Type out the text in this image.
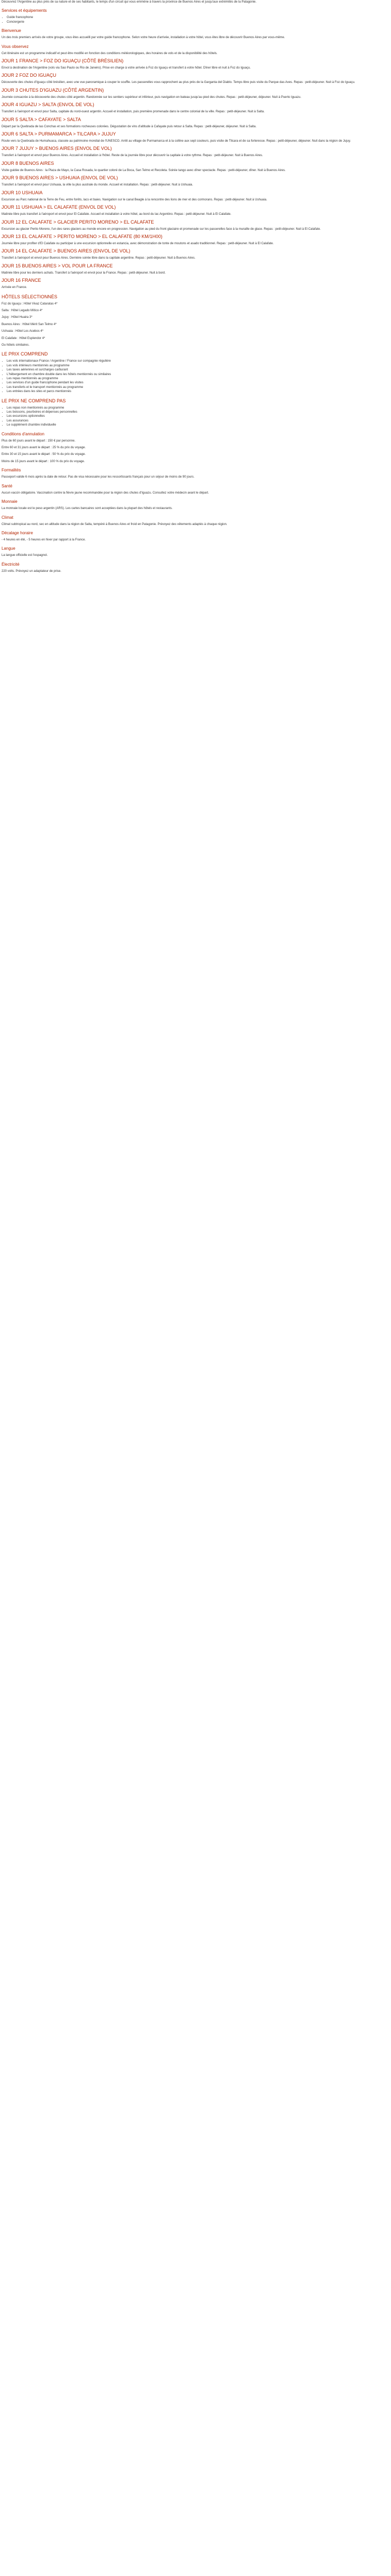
Découvrez l'Argentine au plus près de sa nature et de ses habitants, le temps d'un circuit qui vous emmène à travers la province de Buenos Aires et jusqu'aux extrémités de la Patagonie.

Services et équipements
• Guide francophone
• Conciergerie
Bienvenue

Un des trois premiers arrivés de votre groupe, vous êtes accueilli par votre guide francophone. Selon votre heure d'arrivée, installation à votre hôtel, vous êtes libre de découvrir Buenos Aires par vous-même.

Vous observez

Cet itinéraire est un programme indicatif et peut être modifié en fonction des conditions météorologiques, des horaires de vols et de la disponibilité des hôtels.

JOUR 1 FRANCE > FOZ DO IGUAÇU (CÔTÉ BRÉSILIEN)

Envol à destination de l'Argentine (vols via Sao Paulo ou Rio de Janeiro). Prise en charge à votre arrivée à Foz do Iguaçu et transfert à votre hôtel. Dîner libre et nuit à Foz do Iguaçu.

JOUR 2 FOZ DO IGUAÇU

Découverte des chutes d'Iguaçu côté brésilien, avec une vue panoramique à couper le souffle. Les passerelles vous rapprochent au plus près de la Garganta del Diablo. Temps libre puis visite du Parque das Aves. Repas : petit-déjeuner. Nuit à Foz do Iguaçu.

JOUR 3 CHUTES D'IGUAZU (CÔTÉ ARGENTIN)

Journée consacrée à la découverte des chutes côté argentin. Randonnée sur les sentiers supérieur et inférieur, puis navigation en bateau jusqu'au pied des chutes. Repas : petit-déjeuner, déjeuner. Nuit à Puerto Iguazu.

JOUR 4 IGUAZU > SALTA (ENVOL DE VOL)

Transfert à l'aéroport et envol pour Salta, capitale du nord-ouest argentin. Accueil et installation, puis première promenade dans le centre colonial de la ville. Repas : petit-déjeuner. Nuit à Salta.

JOUR 5 SALTA > CAFAYATE > SALTA

Départ par la Quebrada de las Conchas et ses formations rocheuses colorées. Dégustation de vins d'altitude à Cafayate puis retour à Salta. Repas : petit-déjeuner, déjeuner. Nuit à Salta.

JOUR 6 SALTA > PURMAMARCA > TILCARA > JUJUY

Route vers la Quebrada de Humahuaca, classée au patrimoine mondial de l'UNESCO. Arrêt au village de Purmamarca et à la colline aux sept couleurs, puis visite de Tilcara et de sa forteresse. Repas : petit-déjeuner, déjeuner. Nuit dans la région de Jujuy.

JOUR 7 JUJUY > BUENOS AIRES (ENVOL DE VOL)

Transfert à l'aéroport et envol pour Buenos Aires. Accueil et installation à l'hôtel. Reste de la journée libre pour découvrir la capitale à votre rythme. Repas : petit-déjeuner. Nuit à Buenos Aires.

JOUR 8 BUENOS AIRES

Visite guidée de Buenos Aires : la Plaza de Mayo, la Casa Rosada, le quartier coloré de La Boca, San Telmo et Recoleta. Soirée tango avec dîner spectacle. Repas : petit-déjeuner, dîner. Nuit à Buenos Aires.

JOUR 9 BUENOS AIRES > USHUAIA (ENVOL DE VOL)

Transfert à l'aéroport et envol pour Ushuaia, la ville la plus australe du monde. Accueil et installation. Repas : petit-déjeuner. Nuit à Ushuaia.

JOUR 10 USHUAIA

Excursion au Parc national de la Terre de Feu, entre forêts, lacs et baies. Navigation sur le canal Beagle à la rencontre des lions de mer et des cormorans. Repas : petit-déjeuner. Nuit à Ushuaia.

JOUR 11 USHUAIA > EL CALAFATE (ENVOL DE VOL)

Matinée libre puis transfert à l'aéroport et envol pour El Calafate. Accueil et installation à votre hôtel, au bord du lac Argentino. Repas : petit-déjeuner. Nuit à El Calafate.

JOUR 12 EL CALAFATE > GLACIER PERITO MORENO > EL CALAFATE

Excursion au glacier Perito Moreno, l'un des rares glaciers au monde encore en progression. Navigation au pied du front glaciaire et promenade sur les passerelles face à la muraille de glace. Repas : petit-déjeuner. Nuit à El Calafate.

JOUR 13 EL CALAFATE > PERITO MORENO > EL CALAFATE (80 KM/1H00)

Journée libre pour profiter d'El Calafate ou participer à une excursion optionnelle en estancia, avec démonstration de tonte de moutons et asado traditionnel. Repas : petit-déjeuner. Nuit à El Calafate.

JOUR 14 EL CALAFATE > BUENOS AIRES (ENVOL DE VOL)

Transfert à l'aéroport et envol pour Buenos Aires. Dernière soirée libre dans la capitale argentine. Repas : petit-déjeuner. Nuit à Buenos Aires.

JOUR 15 BUENOS AIRES > VOL POUR LA FRANCE

Matinée libre pour les derniers achats. Transfert à l'aéroport et envol pour la France. Repas : petit-déjeuner. Nuit à bord.

JOUR 16 FRANCE

Arrivée en France.

HÔTELS SÉLECTIONNÉS

Foz do Iguaçu : Hôtel Vivaz Cataratas 4*

Salta : Hôtel Legado Mítico 4*

Jujuy : Hôtel Huaira 3*

Buenos Aires : Hôtel Mérit San Telmo 4*

Ushuaia : Hôtel Los Acebos 4*

El Calafate : Hôtel Esplendor 4*

Ou hôtels similaires.

LE PRIX COMPREND
• Les vols internationaux France / Argentine / France sur compagnie régulière
• Les vols intérieurs mentionnés au programme
• Les taxes aériennes et surcharges carburant
• L'hébergement en chambre double dans les hôtels mentionnés ou similaires
• Les repas mentionnés au programme
• Les services d'un guide francophone pendant les visites
• Les transferts et le transport mentionnés au programme
• Les entrées dans les sites et parcs mentionnés
LE PRIX NE COMPREND PAS
• Les repas non mentionnés au programme
• Les boissons, pourboires et dépenses personnelles
• Les excursions optionnelles
• Les assurances
• Le supplément chambre individuelle
Conditions d'annulation

Plus de 60 jours avant le départ : 150 € par personne.

Entre 60 et 31 jours avant le départ : 25 % du prix du voyage.

Entre 30 et 15 jours avant le départ : 50 % du prix du voyage.

Moins de 15 jours avant le départ : 100 % du prix du voyage.

Formalités

Passeport valide 6 mois après la date de retour. Pas de visa nécessaire pour les ressortissants français pour un séjour de moins de 90 jours.

Santé

Aucun vaccin obligatoire. Vaccination contre la fièvre jaune recommandée pour la région des chutes d'Iguazu. Consultez votre médecin avant le départ.

Monnaie

La monnaie locale est le peso argentin (ARS). Les cartes bancaires sont acceptées dans la plupart des hôtels et restaurants.

Climat

Climat subtropical au nord, sec en altitude dans la région de Salta, tempéré à Buenos Aires et froid en Patagonie. Prévoyez des vêtements adaptés à chaque région.

Décalage horaire

- 4 heures en été, - 5 heures en hiver par rapport à la France.

Langue

La langue officielle est l'espagnol.

Électricité

220 volts. Prévoyez un adaptateur de prise.
